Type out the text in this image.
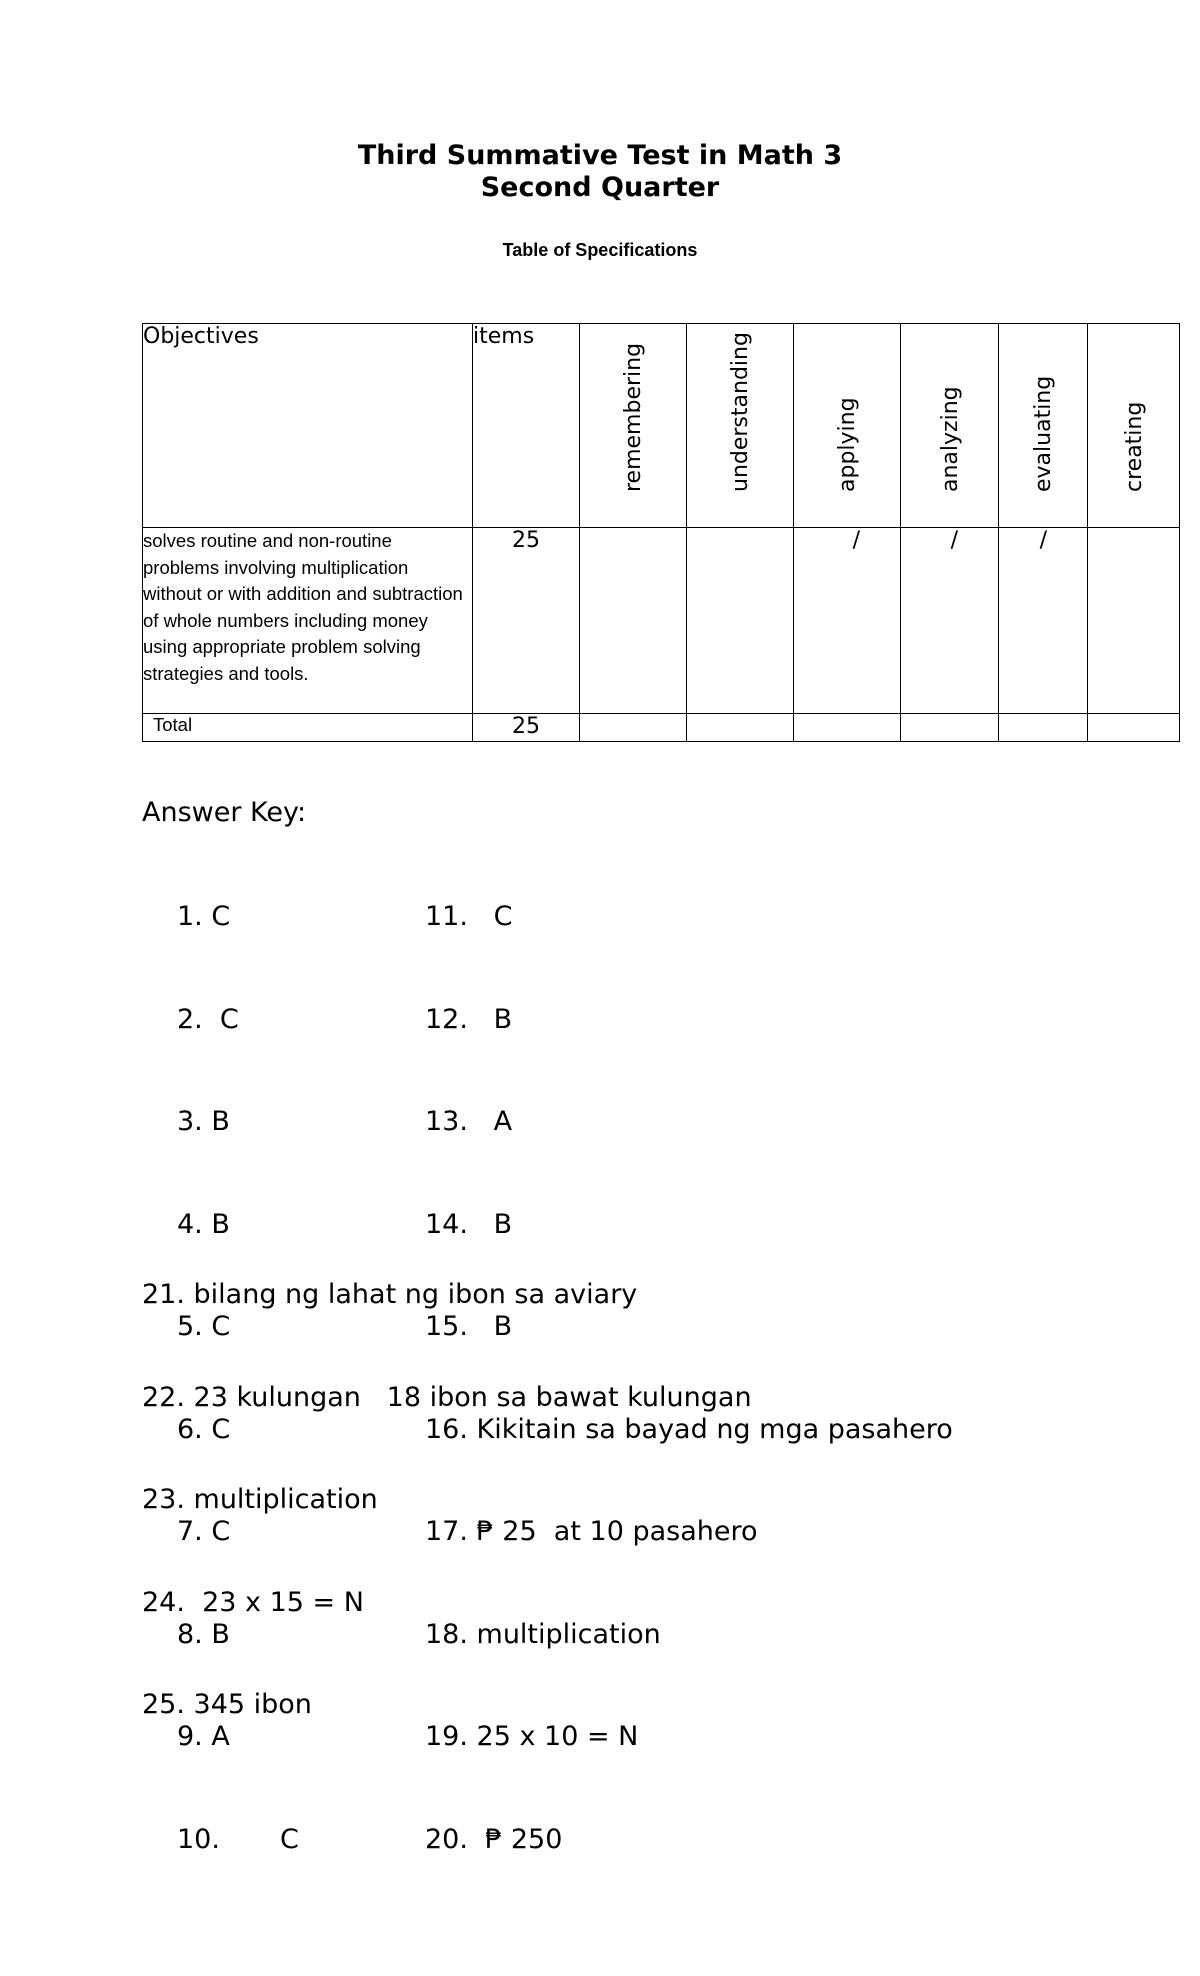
Third Summative Test in Math 3
Second Quarter
Table of Specifications
Objectives	items	remembering	understanding	applying	analyzing	evaluating	creating

solves routine and non-routine problems involving multiplication without or with addition and subtraction of whole numbers including money using appropriate problem solving strategies and tools.	25			/	/	/	
Total	25						
Answer Key:

1. C

2.  C

3. B

4. B

5. C

6. C

7. C

8. B

9. A

10.       C

11.   C

12.   B

13.   A

14.   B

15.   B

16. Kikitain sa bayad ng mga pasahero

17. ₱ 25  at 10 pasahero

18. multiplication

19. 25 x 10 = N

20.  ₱ 250

21. bilang ng lahat ng ibon sa aviary

22. 23 kulungan   18 ibon sa bawat kulungan

23. multiplication

24.  23 x 15 = N

25. 345 ibon
